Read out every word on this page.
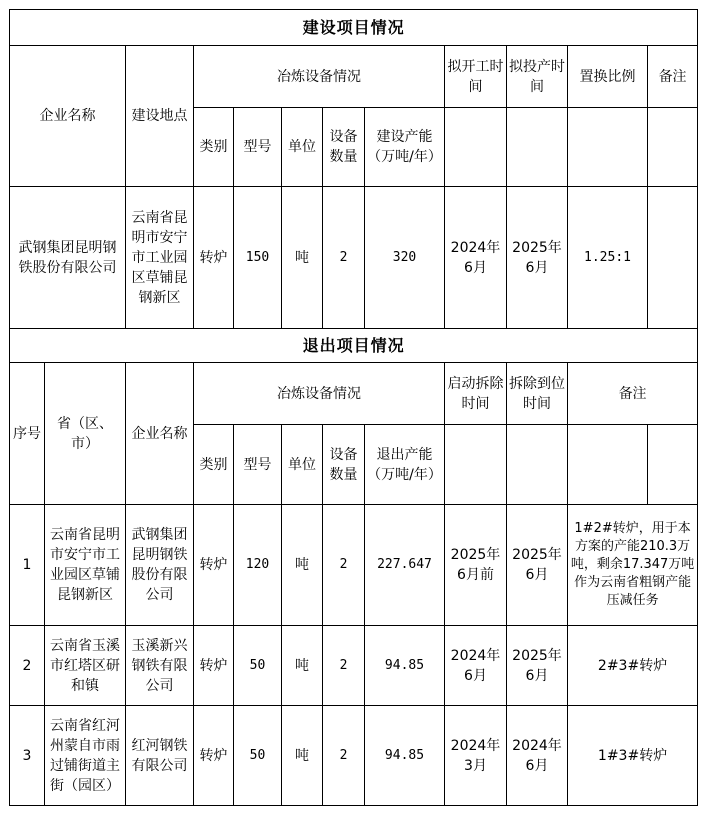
建设项目情况											
企业名称		建设地点	冶炼设备情况					拟开工时间	拟投产时间	置换比例	备注
			类别	型号	单位	设备数量	建设产能（万吨/年）				
武钢集团昆明钢铁股份有限公司		云南省昆明市安宁市工业园区草铺昆钢新区	转炉	150	吨	2	320	2024年6月	2025年6月	1.25:1	
退出项目情况											
序号	省（区、市）	企业名称	冶炼设备情况					启动拆除时间	拆除到位时间	备注	
			类别	型号	单位	设备数量	退出产能（万吨/年）				
1	云南省昆明市安宁市工业园区草铺昆钢新区	武钢集团昆明钢铁股份有限公司	转炉	120	吨	2	227.647	2025年6月前	2025年6月	1#2#转炉，用于本方案的产能210.3万吨，剩余17.347万吨作为云南省粗钢产能压减任务	
2	云南省玉溪市红塔区研和镇	玉溪新兴钢铁有限公司	转炉	50	吨	2	94.85	2024年6月	2025年6月	2#3#转炉	
3	云南省红河州蒙自市雨过铺街道主街（园区）	红河钢铁有限公司	转炉	50	吨	2	94.85	2024年3月	2024年 6月	1#3#转炉	
